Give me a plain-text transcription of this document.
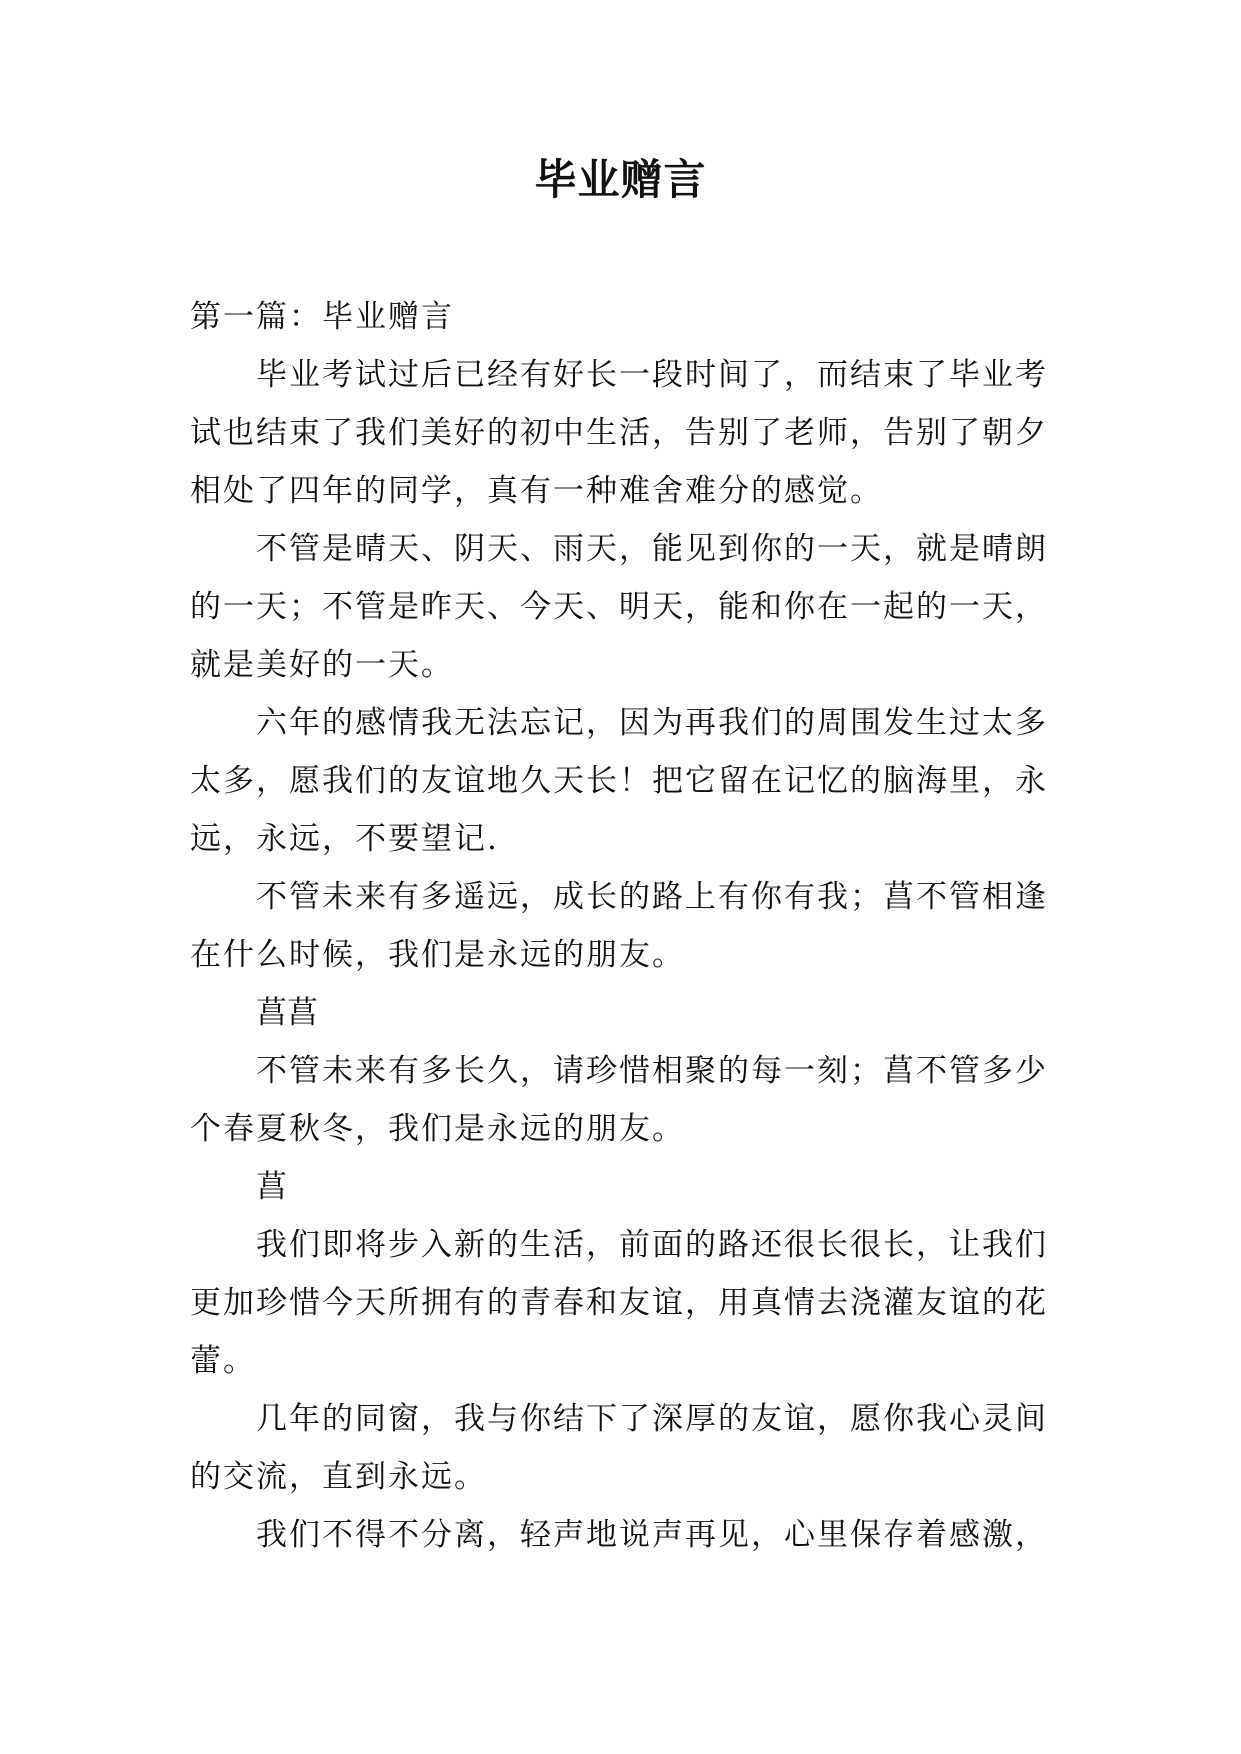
毕业赠言
第一篇：毕业赠言
毕业考试过后已经有好长一段时间了，而结束了毕业考
试也结束了我们美好的初中生活，告别了老师，告别了朝夕
相处了四年的同学，真有一种难舍难分的感觉。
不管是晴天、阴天、雨天，能见到你的一天，就是晴朗
的一天；不管是昨天、今天、明天，能和你在一起的一天，
就是美好的一天。
六年的感情我无法忘记，因为再我们的周围发生过太多
太多，愿我们的友谊地久天长！把它留在记忆的脑海里，永
远，永远，不要望记.
不管未来有多遥远，成长的路上有你有我；菖不管相逢
在什么时候，我们是永远的朋友。
菖菖
不管未来有多长久，请珍惜相聚的每一刻；菖不管多少
个春夏秋冬，我们是永远的朋友。
菖
我们即将步入新的生活，前面的路还很长很长，让我们
更加珍惜今天所拥有的青春和友谊，用真情去浇灌友谊的花
蕾。
几年的同窗，我与你结下了深厚的友谊，愿你我心灵间
的交流，直到永远。
我们不得不分离，轻声地说声再见，心里保存着感激，
